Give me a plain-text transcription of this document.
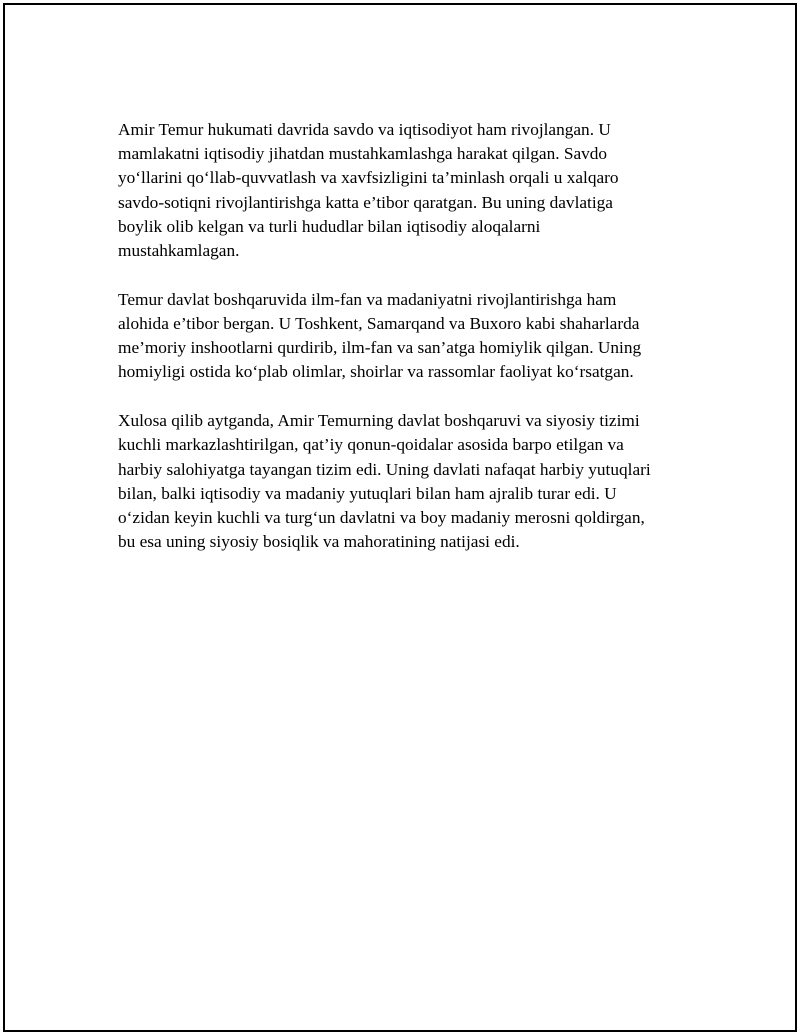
Amir Temur hukumati davrida savdo va iqtisodiyot ham rivojlangan. U
mamlakatni iqtisodiy jihatdan mustahkamlashga harakat qilgan. Savdo
yo‘llarini qo‘llab-quvvatlash va xavfsizligini ta’minlash orqali u xalqaro
savdo-sotiqni rivojlantirishga katta e’tibor qaratgan. Bu uning davlatiga
boylik olib kelgan va turli hududlar bilan iqtisodiy aloqalarni
mustahkamlagan.

Temur davlat boshqaruvida ilm-fan va madaniyatni rivojlantirishga ham
alohida e’tibor bergan. U Toshkent, Samarqand va Buxoro kabi shaharlarda
me’moriy inshootlarni qurdirib, ilm-fan va san’atga homiylik qilgan. Uning
homiyligi ostida ko‘plab olimlar, shoirlar va rassomlar faoliyat ko‘rsatgan.

Xulosa qilib aytganda, Amir Temurning davlat boshqaruvi va siyosiy tizimi
kuchli markazlashtirilgan, qat’iy qonun-qoidalar asosida barpo etilgan va
harbiy salohiyatga tayangan tizim edi. Uning davlati nafaqat harbiy yutuqlari
bilan, balki iqtisodiy va madaniy yutuqlari bilan ham ajralib turar edi. U
o‘zidan keyin kuchli va turg‘un davlatni va boy madaniy merosni qoldirgan,
bu esa uning siyosiy bosiqlik va mahoratining natijasi edi.
